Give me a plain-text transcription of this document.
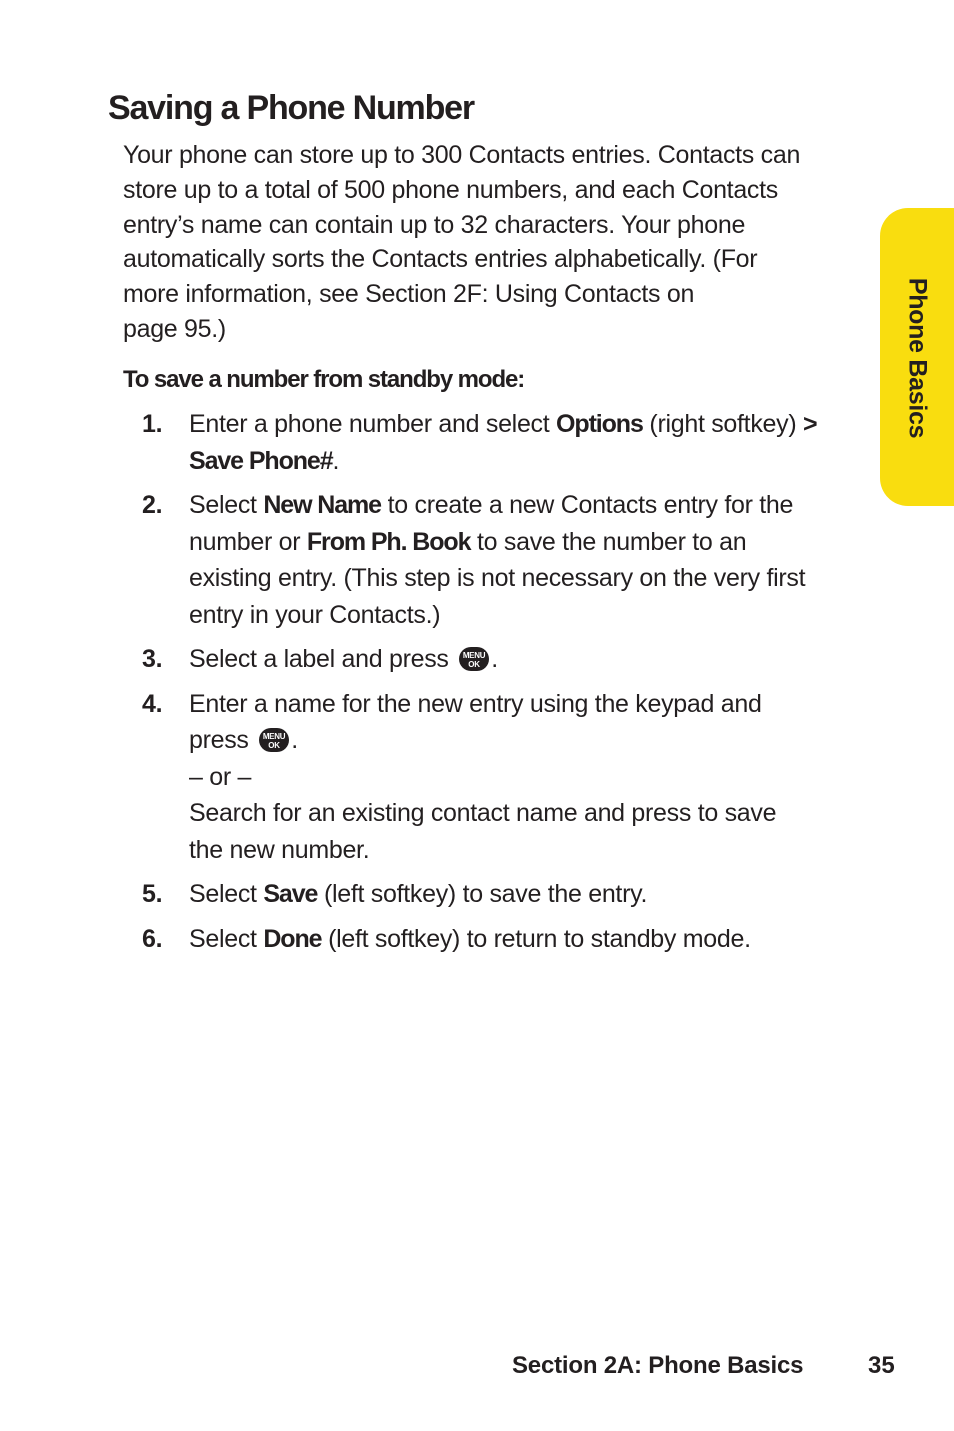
Saving a Phone Number

Your phone can store up to 300 Contacts entries. Contacts can
store up to a total of 500 phone numbers, and each Contacts
entry’s name can contain up to 32 characters. Your phone
automatically sorts the Contacts entries alphabetically. (For
more information, see Section 2F: Using Contacts on
page 95.)

To save a number from standby mode:

1. Enter a phone number and select Options (right softkey) >
Save Phone#.
2. Select New Name to create a new Contacts entry for the
number or From Ph. Book to save the number to an
existing entry. (This step is not necessary on the very first
entry in your Contacts.)
3. Select a label and press MENU
OK .
4. Enter a name for the new entry using the keypad and
press MENU
OK .
– or –
Search for an existing contact name and press to save
the new number.
5. Select Save (left softkey) to save the entry.
6. Select Done (left softkey) to return to standby mode.
Phone Basics
Section 2A: Phone Basics	35
